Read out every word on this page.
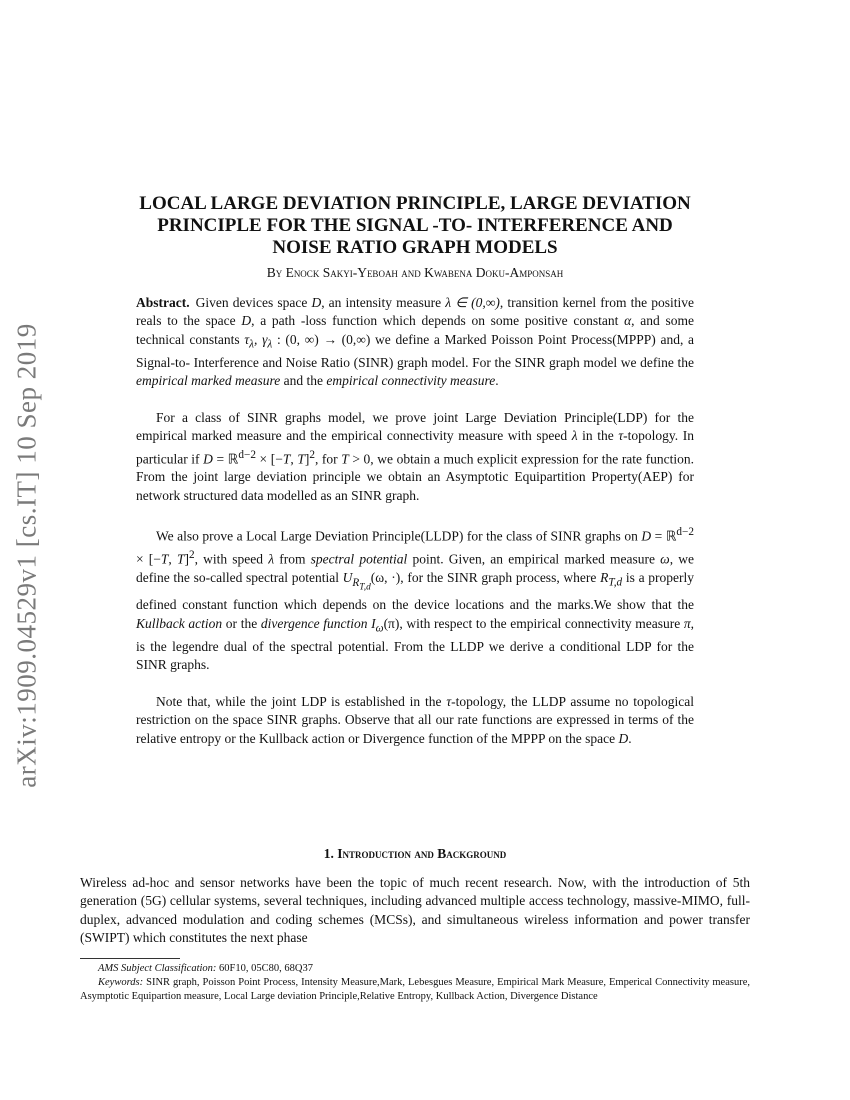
arXiv:1909.04529v1 [cs.IT] 10 Sep 2019
LOCAL LARGE DEVIATION PRINCIPLE, LARGE DEVIATION
PRINCIPLE FOR THE SIGNAL -TO- INTERFERENCE AND
NOISE RATIO GRAPH MODELS

By Enock Sakyi-Yeboah and Kwabena Doku-Amponsah

Abstract. Given devices space D, an intensity measure λ ∈ (0,∞), transition kernel from the positive reals to the space D, a path -loss function which depends on some positive constant α, and some technical constants $\tau_\lambda$, $\gamma_\lambda$ : (0, ∞) → (0,∞) we define a Marked Poisson Point Process(MPPP) and, a Signal-to- Interference and Noise Ratio (SINR) graph model. For the SINR graph model we define the empirical marked measure and the empirical connectivity measure.

For a class of SINR graphs model, we prove joint Large Deviation Principle(LDP) for the empirical marked measure and the empirical connectivity measure with speed λ in the τ-topology. In particular if D = ℝ$^{d-2}$ × [−T, T]$^2$, for T > 0, we obtain a much explicit expression for the rate function. From the joint large deviation principle we obtain an Asymptotic Equipartition Property(AEP) for network structured data modelled as an SINR graph.

We also prove a Local Large Deviation Principle(LLDP) for the class of SINR graphs on D = ℝ$^{d-2}$ × [−T, T]$^2$, with speed λ from spectral potential point. Given, an empirical marked measure ω, we define the so-called spectral potential $U_{R_{T,d}}(\omega$, ·), for the SINR graph process, where $R_{T,d}$ is a properly defined constant function which depends on the device locations and the marks.We show that the Kullback action or the divergence function $I_\omega(\pi)$, with respect to the empirical connectivity measure π, is the legendre dual of the spectral potential. From the LLDP we derive a conditional LDP for the SINR graphs.

Note that, while the joint LDP is established in the τ-topology, the LLDP assume no topological restriction on the space SINR graphs. Observe that all our rate functions are expressed in terms of the relative entropy or the Kullback action or Divergence function of the MPPP on the space D.

1. Introduction and Background

Wireless ad-hoc and sensor networks have been the topic of much recent research. Now, with the introduction of 5th generation (5G) cellular systems, several techniques, including advanced multiple access technology, massive-MIMO, full-duplex, advanced modulation and coding schemes (MCSs), and simultaneous wireless information and power transfer (SWIPT) which constitutes the next phase

AMS Subject Classification: 60F10, 05C80, 68Q37

Keywords: SINR graph, Poisson Point Process, Intensity Measure,Mark, Lebesgues Measure, Empirical Mark Measure, Emperical Connectivity measure, Asymptotic Equipartion measure, Local Large deviation Principle,Relative Entropy, Kullback Action, Divergence Distance
